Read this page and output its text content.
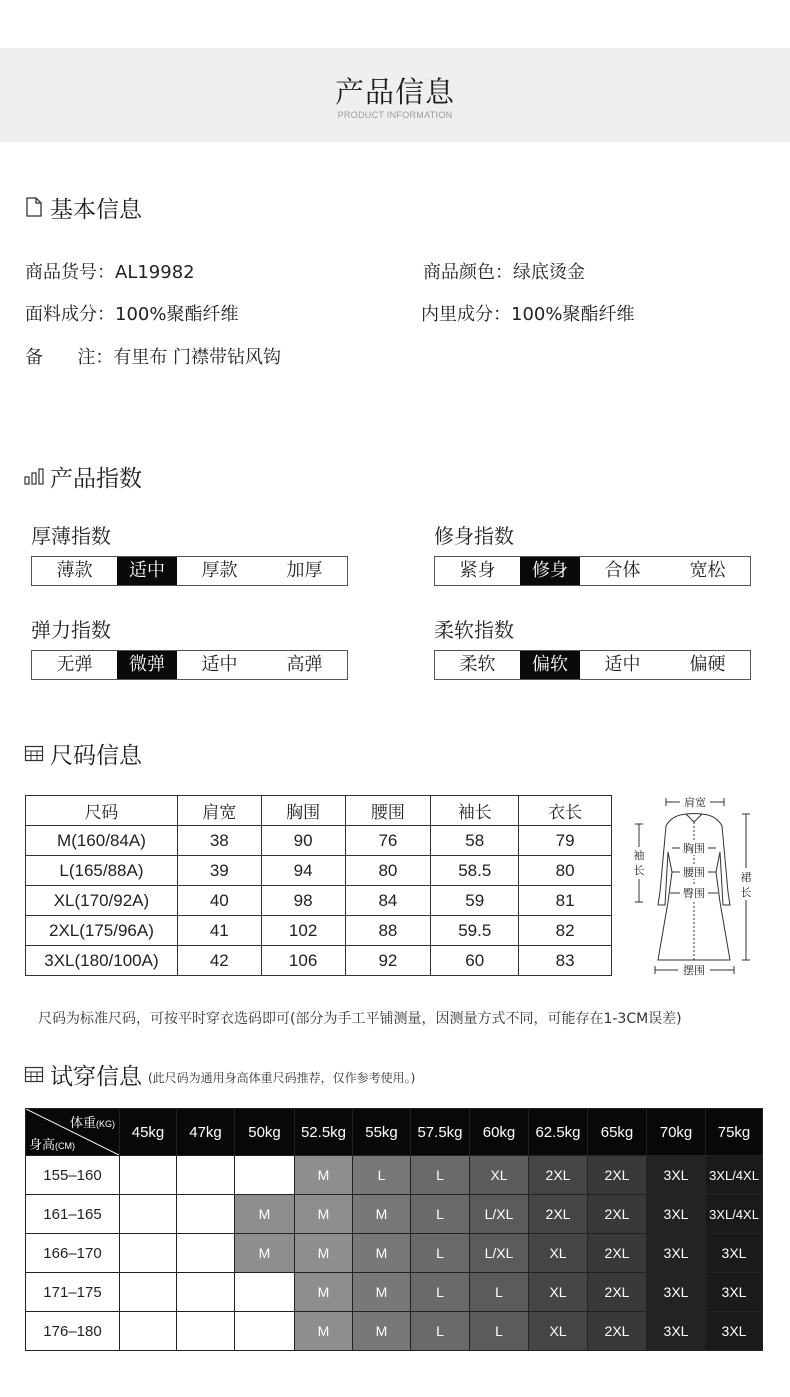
产品信息
PRODUCT INFORMATION
基本信息
商品货号：AL19982	商品颜色：绿底烫金
面料成分：100%聚酯纤维	内里成分：100%聚酯纤维
备      注：有里布 门襟带钻风钩
产品指数
厚薄指数
薄款	适中	厚款	加厚
修身指数
紧身	修身	合体	宽松
弹力指数
无弹	微弹	适中	高弹
柔软指数
柔软	偏软	适中	偏硬
尺码信息
尺码	肩宽	胸围	腰围	袖长	衣长
M(160/84A)	38	90	76	58	79
L(165/88A)	39	94	80	58.5	80
XL(170/92A)	40	98	84	59	81
2XL(175/96A)	41	102	88	59.5	82
3XL(180/100A)	42	106	92	60	83
肩宽
袖
长
裙
长
胸围
腰围
臀围
摆围
尺码为标准尺码，可按平时穿衣选码即可(部分为手工平铺测量，因测量方式不同，可能存在1-3CM误差)
试穿信息 (此尺码为通用身高体重尺码推荐，仅作参考使用。)
体重(KG)
身高(CM)	45kg	47kg	50kg	52.5kg	55kg	57.5kg	60kg	62.5kg	65kg	70kg	75kg
155–160				M	L	L	XL	2XL	2XL	3XL	3XL/4XL
161–165			M	M	M	L	L/XL	2XL	2XL	3XL	3XL/4XL
166–170			M	M	M	L	L/XL	XL	2XL	3XL	3XL
171–175				M	M	L	L	XL	2XL	3XL	3XL
176–180				M	M	L	L	XL	2XL	3XL	3XL
